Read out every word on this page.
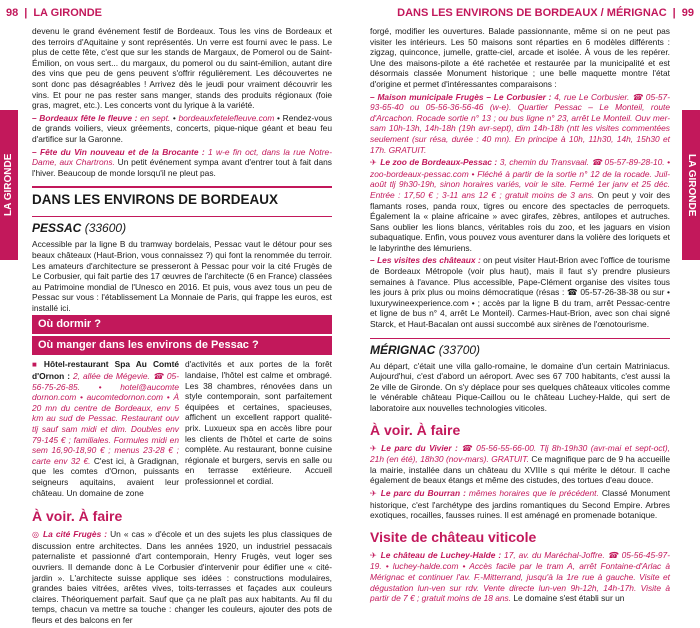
98 | LA GIRONDE	DANS LES ENVIRONS DE BORDEAUX / MÉRIGNAC | 99
LA GIRONDE	LA GIRONDE

devenu le grand événement festif de Bordeaux. Tous les vins de Bordeaux et des terroirs d'Aquitaine y sont représentés. Un verre est fourni avec le pass. Le plus de cette fête, c'est que sur les stands de Margaux, de Pomerol ou de Saint-Émilion, on vous sert... du margaux, du pomerol ou du saint-émilion, autant dire des vins que peu de gens peuvent s'offrir régulièrement. Les découvertes ne sont donc pas désagréables ! Arrivez dès le jeudi pour vraiment découvrir les vins. Et pour ne pas rester sans manger, stands des produits régionaux (foie gras, magret, etc.). Les concerts vont du lyrique à la variété.

– Bordeaux fête le fleuve : en sept. • bordeauxfetelefleuve.com • Rendez-vous de grands voiliers, vieux gréements, concerts, pique-nique géant et beau feu d'artifice sur la Garonne.

– Fête du Vin nouveau et de la Brocante : 1 w-e fin oct, dans la rue Notre-Dame, aux Chartrons. Un petit événement sympa avant d'entrer tout à fait dans l'hiver. Beaucoup de monde lorsqu'il ne pleut pas.

DANS LES ENVIRONS DE BORDEAUX
PESSAC (33600)

Accessible par la ligne B du tramway bordelais, Pessac vaut le détour pour ses beaux châteaux (Haut-Brion, vous connaissez ?) qui font la renommée du terroir. Les amateurs d'architecture se presseront à Pessac pour voir la cité Frugès de Le Corbusier, qui fait partie des 17 œuvres de l'architecte (6 en France) classées au Patrimoine mondial de l'Unesco en 2016. Et puis, vous avez tous un peu de Pessac sur vous : l'établissement La Monnaie de Paris, qui frappe les euros, est installé ici.

Où dormir ?
Où manger dans les environs de Pessac ?

■ Hôtel-restaurant Spa Au Comté d'Ornon : 2, allée de Mégevie. ☎ 05-56-75-26-85. • hotel@aucomte dornon.com • aucomtedornon.com • À 20 mn du centre de Bordeaux, env 5 km au sud de Pessac. Restaurant ouv tlj sauf sam midi et dim. Doubles env 79-145 € ; familiales. Formules midi en sem 16,90-18,90 € ; menus 23-28 € ; carte env 32 €. C'est ici, à Gradignan, que les comtes d'Ornon, puissants seigneurs aquitains, avaient leur château. Un domaine de zone

d'activités et aux portes de la forêt landaise, l'hôtel est calme et ombragé. Les 38 chambres, rénovées dans un style contemporain, sont parfaitement équipées et certaines, spacieuses, affichent un excellent rapport qualité-prix. Luxueux spa en accès libre pour les clients de l'hôtel et carte de soins complète. Au restaurant, bonne cuisine régionale et burgers, servis en salle ou en terrasse extérieure. Accueil professionnel et cordial.

À voir. À faire

◎ La cité Frugès : Un « cas » d'école et un des sujets les plus classiques de discussion entre architectes. Dans les années 1920, un industriel pessacais paternaliste et passionné d'art contemporain, Henry Frugès, veut loger ses ouvriers. Il demande donc à Le Corbusier d'intervenir pour édifier une « cité-jardin ». L'architecte suisse applique ses idées : constructions modulaires, grandes baies vitrées, arêtes vives, toits-terrasses et façades aux couleurs claires. Théoriquement parfait. Sauf que ça ne plaît pas aux habitants. Au fil du temps, chacun va mettre sa touche : changer les couleurs, ajouter des pots de fleurs et des balcons en fer

forgé, modifier les ouvertures. Balade passionnante, même si on ne peut pas visiter les intérieurs. Les 50 maisons sont réparties en 6 modèles différents : zigzag, quinconce, jumelle, gratte-ciel, arcade et isolée. À vous de les repérer. Une des maisons-pilote a été rachetée et restaurée par la municipalité et est désormais classée Monument historique ; une belle maquette montre l'état d'origine et permet d'intéressantes comparaisons :

– Maison municipale Frugès – Le Corbusier : 4, rue Le Corbusier. ☎ 05-57-93-65-40 ou 05-56-36-56-46 (w-e). Quartier Pessac – Le Monteil, route d'Arcachon. Rocade sortie n° 13 ; ou bus ligne n° 23, arrêt Le Monteil. Ouv mer-sam 10h-13h, 14h-18h (19h avr-sept), dim 14h-18h (ntt les visites commentées seulement (sur résa, durée : 40 mn). En principe à 10h, 11h30, 14h, 15h30 et 17h. GRATUIT.

✈ Le zoo de Bordeaux-Pessac : 3, chemin du Transvaal. ☎ 05-57-89-28-10. • zoo-bordeaux-pessac.com • Fléché à partir de la sortie n° 12 de la rocade. Juil-août tlj 9h30-19h, sinon horaires variés, voir le site. Fermé 1er janv et 25 déc. Entrée : 17,50 € ; 3-11 ans 12 € ; gratuit moins de 3 ans. On peut y voir des flamants roses, panda roux, tigres ou encore des spectacles de perroquets. Également la « plaine africaine » avec girafes, zèbres, antilopes et autruches. Sans oublier les lions blancs, véritables rois du zoo, et les jaguars en vision subaquatique. Enfin, vous pouvez vous aventurer dans la volière des loriquets et le labyrinthe des lémuriens.

– Les visites des châteaux : on peut visiter Haut-Brion avec l'office de tourisme de Bordeaux Métropole (voir plus haut), mais il faut s'y prendre plusieurs semaines à l'avance. Plus accessible, Pape-Clément organise des visites tous les jours à prix plus ou moins démocratique (résas : ☎ 05-57-26-38-38 ou sur • luxurywineexperience.com • ; accès par la ligne B du tram, arrêt Pessac-centre et ligne de bus n° 4, arrêt Le Monteil). Carmes-Haut-Brion, avec son chai signé Starck, et Haut-Bacalan ont aussi succombé aux sirènes de l'œnotourisme.

MÉRIGNAC (33700)

Au départ, c'était une villa gallo-romaine, le domaine d'un certain Matriniacus. Aujourd'hui, c'est d'abord un aéroport. Avec ses 67 700 habitants, c'est aussi la 2e ville de Gironde. On s'y déplace pour ses quelques châteaux viticoles comme le vénérable château Pique-Caillou ou le château Luchey-Halde, qui sert de laboratoire aux nouvelles technologies viticoles.

À voir. À faire

✈ Le parc du Vivier : ☎ 05-56-55-66-00. Tlj 8h-19h30 (avr-mai et sept-oct), 21h (en été), 18h30 (nov-mars). GRATUIT. Ce magnifique parc de 9 ha accueille la mairie, installée dans un château du XVIIIe s qui mérite le détour. Il cache également de beaux étangs et même des cistudes, des tortues d'eau douce.

✈ Le parc du Bourran : mêmes horaires que le précédent. Classé Monument historique, c'est l'archétype des jardins romantiques du Second Empire. Arbres exotiques, rocailles, fausses ruines. Il est aménagé en promenade botanique.

Visite de château viticole

✈ Le château de Luchey-Halde : 17, av. du Maréchal-Joffre. ☎ 05-56-45-97-19. • luchey-halde.com • Accès facile par le tram A, arrêt Fontaine-d'Arlac à Mérignac et continuer l'av. F.-Mitterrand, jusqu'à la 1re rue à gauche. Visite et dégustation lun-ven sur rdv. Vente directe lun-ven 9h-12h, 14h-17h. Visite à partir de 7 € ; gratuit moins de 18 ans. Le domaine s'est établi sur un
